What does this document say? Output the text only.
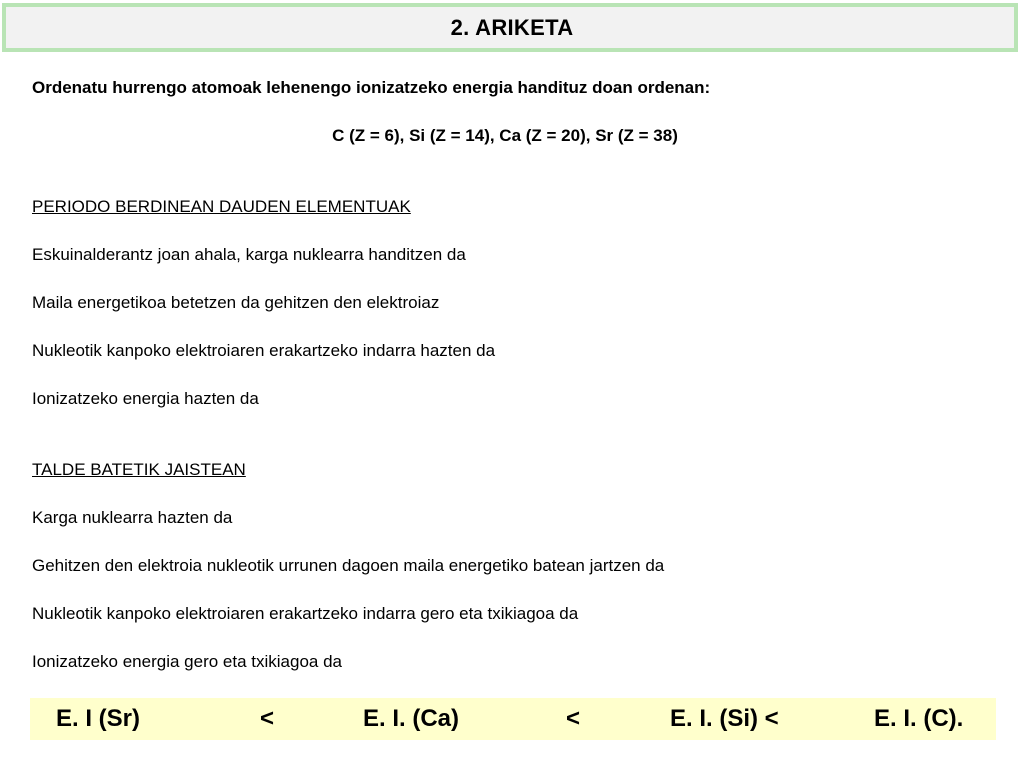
2. ARIKETA
Ordenatu hurrengo atomoak lehenengo ionizatzeko energia handituz doan ordenan:
C (Z = 6), Si (Z = 14), Ca (Z = 20), Sr (Z = 38)
PERIODO BERDINEAN DAUDEN ELEMENTUAK
Eskuinalderantz joan ahala, karga nuklearra handitzen da
Maila energetikoa betetzen da gehitzen den elektroiaz
Nukleotik kanpoko elektroiaren erakartzeko indarra hazten da
Ionizatzeko energia hazten da
TALDE BATETIK JAISTEAN
Karga nuklearra hazten da
Gehitzen den elektroia nukleotik urrunen dagoen maila energetiko batean jartzen da
Nukleotik kanpoko elektroiaren erakartzeko indarra gero eta txikiagoa da
Ionizatzeko energia gero eta txikiagoa da
E. I (Sr)	<	E. I. (Ca)	<	E. I. (Si) <	E. I. (C).
